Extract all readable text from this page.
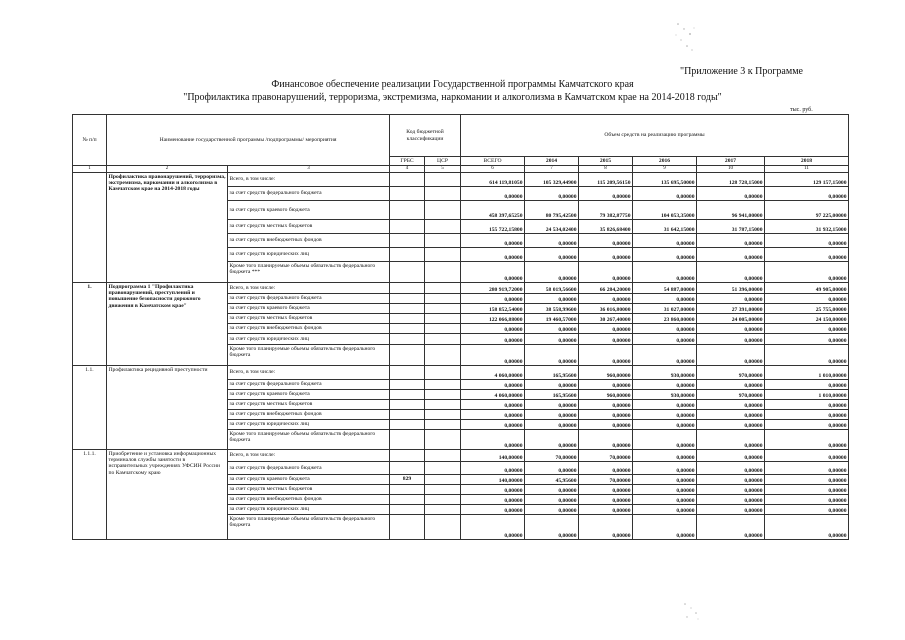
"Приложение 3 к Программе
Финансовое обеспечение реализации Государственной программы Камчатского края
"Профилактика правонарушений, терроризма, экстремизма, наркомании и алкоголизма в Камчатском крае на 2014-2018 годы"
тыс. руб.
№ п/п	Наименование государственной программы /подпрограммы/ мероприятия		Код бюджетной классификации		Объем средств на реализацию программы					
			ГРБС	ЦСР	ВСЕГО	2014	2015	2016	2017	2018
1	2	3	4	5	6	7	8	9	10	11
	Профилактика правонарушений, терроризма, экстремизма, наркомании и алкоголизма в Камчатском крае на 2014-2018 годы	Всего, в том числе:			614 119,81050	105 329,44900	115 209,56150	135 695,50000	128 728,15000	129 157,15000
		за счет средств федерального бюджета			0,00000	0,00000	0,00000	0,00000	0,00000	0,00000
		за счет средств краевого бюджета			458 397,65250	80 795,42500	79 382,87750	104 053,35000	96 941,00000	97 225,00000
		за счет средств местных бюджетов			155 722,15800	24 534,02400	35 826,68400	31 642,15000	31 787,15000	31 932,15000
		за счет средств внебюджетных фондов			0,00000	0,00000	0,00000	0,00000	0,00000	0,00000
		за счет средств юридических лиц			0,00000	0,00000	0,00000	0,00000	0,00000	0,00000
		Кроме того планируемые объемы обязательств федерального бюджета ***			0,00000	0,00000	0,00000	0,00000	0,00000	0,00000
1.	Подпрограмма 1 "Профилактика правонарушений, преступлений и повышение безопасности дорожного движения в Камчатском крае"	Всего, в том числе:			280 919,72000	58 019,56600	66 284,20000	54 887,00000	51 396,00000	49 905,00000
		за счет средств федерального бюджета			0,00000	0,00000	0,00000	0,00000	0,00000	0,00000
		за счет средств краевого бюджета			158 852,54000	38 558,99600	36 016,80000	31 027,00000	27 391,00000	25 755,00000
		за счет средств местных бюджетов			122 066,88000	19 460,57000	30 267,40000	23 860,00000	24 005,00000	24 150,00000
		за счет средств внебюджетных фондов			0,00000	0,00000	0,00000	0,00000	0,00000	0,00000
		за счет средств юридических лиц			0,00000	0,00000	0,00000	0,00000	0,00000	0,00000
		Кроме того планируемые объемы обязательств федерального бюджета			0,00000	0,00000	0,00000	0,00000	0,00000	0,00000
1.1.	Профилактика рецидивной преступности	Всего, в том числе:			4 060,00000	165,95600	960,00000	930,00000	970,00000	1 010,00000
		за счет средств федерального бюджета			0,00000	0,00000	0,00000	0,00000	0,00000	0,00000
		за счет средств краевого бюджета			4 060,00000	165,95600	960,00000	930,00000	970,00000	1 010,00000
		за счет средств местных бюджетов			0,00000	0,00000	0,00000	0,00000	0,00000	0,00000
		за счет средств внебюджетных фондов			0,00000	0,00000	0,00000	0,00000	0,00000	0,00000
		за счет средств юридических лиц			0,00000	0,00000	0,00000	0,00000	0,00000	0,00000
		Кроме того планируемые объемы обязательств федерального бюджета			0,00000	0,00000	0,00000	0,00000	0,00000	0,00000
1.1.1.	Приобретение и установка информационных терминалов службы занятости в исправительных учреждениях УФСИН России по Камчатскому краю	Всего, в том числе:			140,00000	70,00000	70,00000	0,00000	0,00000	0,00000
		за счет средств федерального бюджета			0,00000	0,00000	0,00000	0,00000	0,00000	0,00000
		за счет средств краевого бюджета	829		140,00000	45,95600	70,00000	0,00000	0,00000	0,00000
		за счет средств местных бюджетов			0,00000	0,00000	0,00000	0,00000	0,00000	0,00000
		за счет средств внебюджетных фондов			0,00000	0,00000	0,00000	0,00000	0,00000	0,00000
		за счет средств юридических лиц			0,00000	0,00000	0,00000	0,00000	0,00000	0,00000
		Кроме того планируемые объемы обязательств федерального бюджета			0,00000	0,00000	0,00000	0,00000	0,00000	0,00000
